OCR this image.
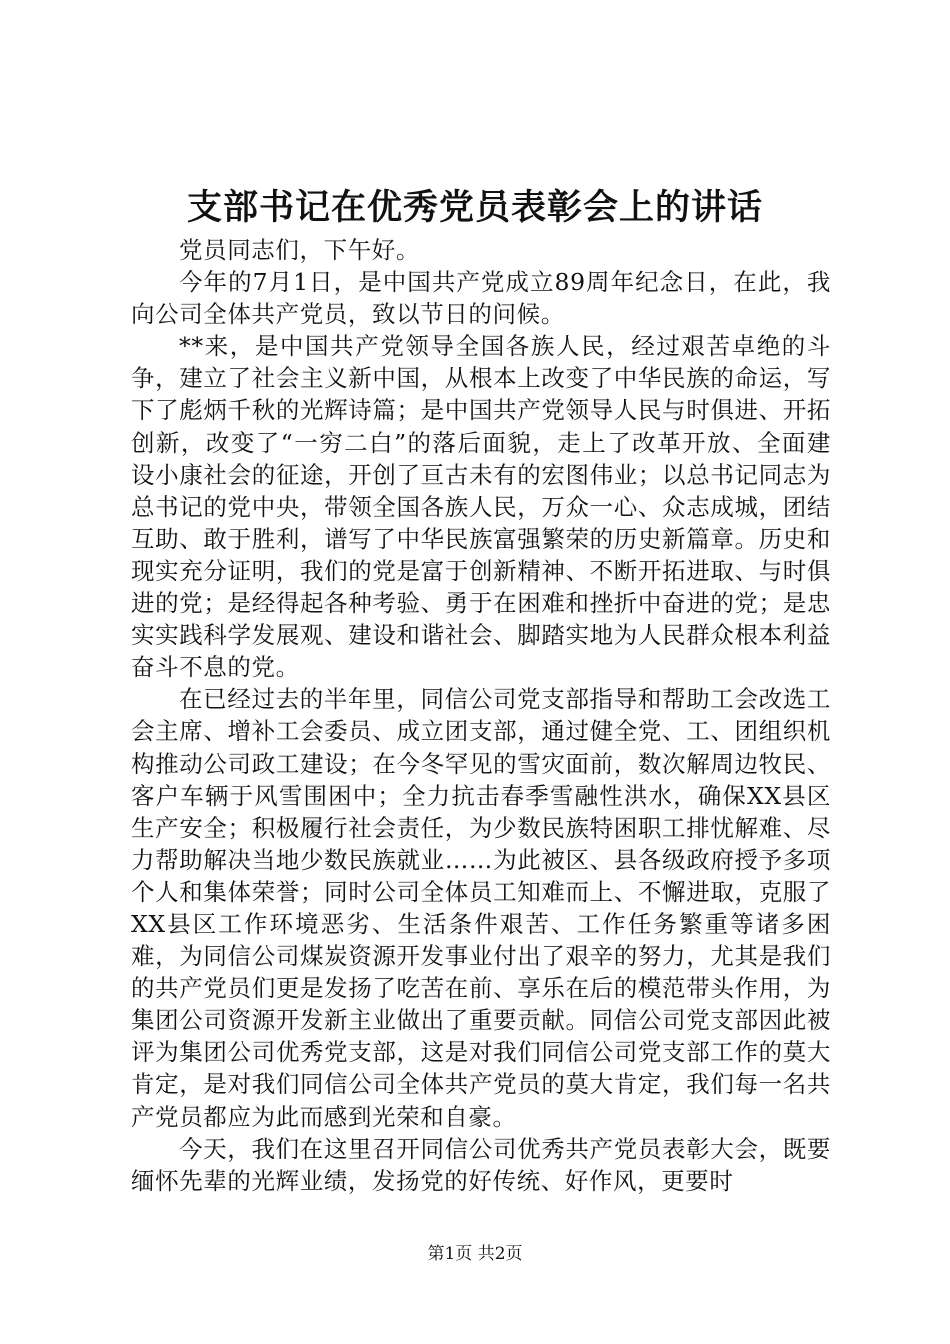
支部书记在优秀党员表彰会上的讲话

党员同志们，下午好。

今年的7月1日，是中国共产党成立89周年纪念日，在此，我向公司全体共产党员，致以节日的问候。

**来，是中国共产党领导全国各族人民，经过艰苦卓绝的斗争，建立了社会主义新中国，从根本上改变了中华民族的命运，写下了彪炳千秋的光辉诗篇；是中国共产党领导人民与时俱进、开拓创新，改变了“一穷二白”的落后面貌，走上了改革开放、全面建设小康社会的征途，开创了亘古未有的宏图伟业；以总书记同志为总书记的党中央，带领全国各族人民，万众一心、众志成城，团结互助、敢于胜利，谱写了中华民族富强繁荣的历史新篇章。历史和现实充分证明，我们的党是富于创新精神、不断开拓进取、与时俱进的党；是经得起各种考验、勇于在困难和挫折中奋进的党；是忠实实践科学发展观、建设和谐社会、脚踏实地为人民群众根本利益奋斗不息的党。

在已经过去的半年里，同信公司党支部指导和帮助工会改选工会主席、增补工会委员、成立团支部，通过健全党、工、团组织机构推动公司政工建设；在今冬罕见的雪灾面前，数次解周边牧民、客户车辆于风雪围困中；全力抗击春季雪融性洪水，确保XX县区生产安全；积极履行社会责任，为少数民族特困职工排忧解难、尽力帮助解决当地少数民族就业……为此被区、县各级政府授予多项个人和集体荣誉；同时公司全体员工知难而上、不懈进取，克服了XX县区工作环境恶劣、生活条件艰苦、工作任务繁重等诸多困难，为同信公司煤炭资源开发事业付出了艰辛的努力，尤其是我们的共产党员们更是发扬了吃苦在前、享乐在后的模范带头作用，为集团公司资源开发新主业做出了重要贡献。同信公司党支部因此被评为集团公司优秀党支部，这是对我们同信公司党支部工作的莫大肯定，是对我们同信公司全体共产党员的莫大肯定，我们每一名共产党员都应为此而感到光荣和自豪。

今天，我们在这里召开同信公司优秀共产党员表彰大会，既要缅怀先辈的光辉业绩，发扬党的好传统、好作风，更要时

第1页 共2页
